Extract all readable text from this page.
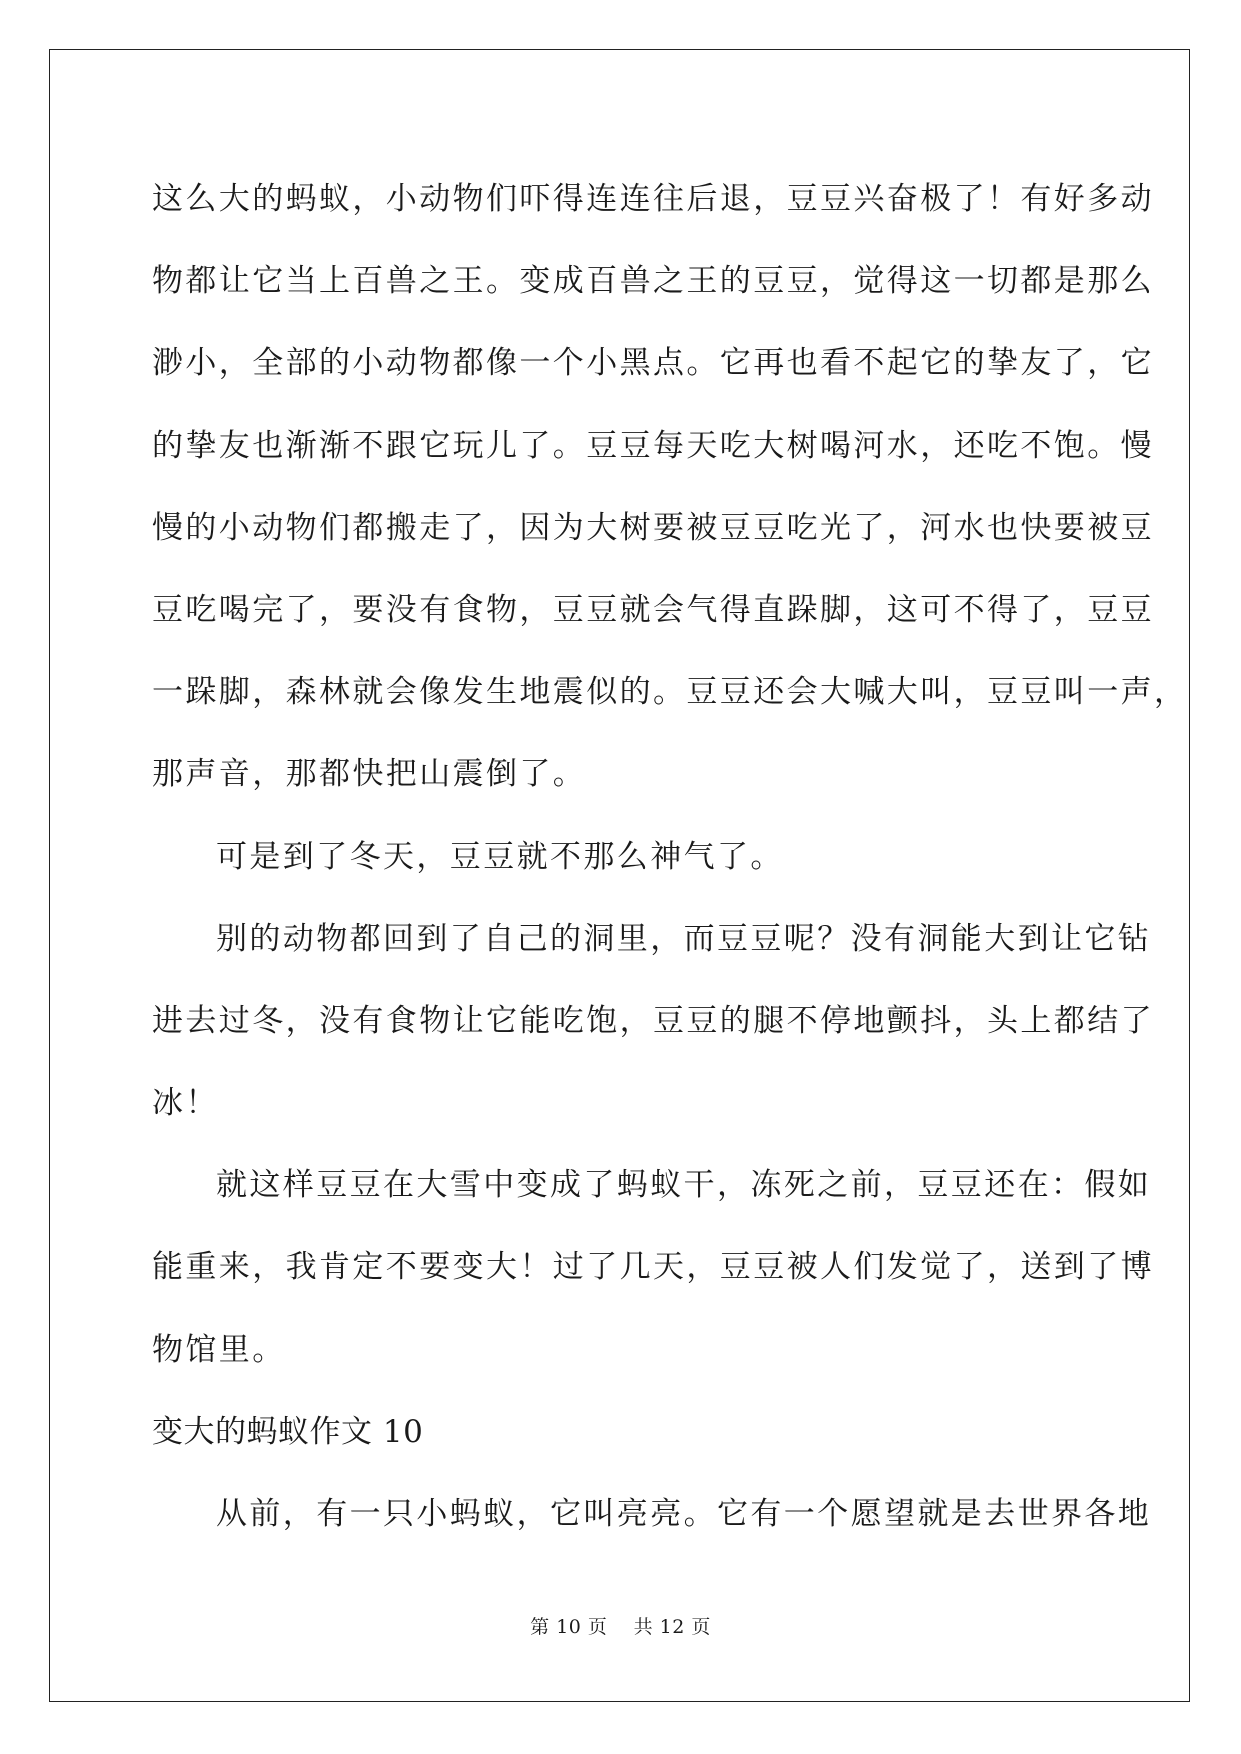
这么大的蚂蚁，小动物们吓得连连往后退，豆豆兴奋极了！有好多动
物都让它当上百兽之王。变成百兽之王的豆豆，觉得这一切都是那么
渺小，全部的小动物都像一个小黑点。它再也看不起它的挚友了，它
的挚友也渐渐不跟它玩儿了。豆豆每天吃大树喝河水，还吃不饱。慢
慢的小动物们都搬走了，因为大树要被豆豆吃光了，河水也快要被豆
豆吃喝完了，要没有食物，豆豆就会气得直跺脚，这可不得了，豆豆
一跺脚，森林就会像发生地震似的。豆豆还会大喊大叫，豆豆叫一声，
那声音，那都快把山震倒了。
可是到了冬天，豆豆就不那么神气了。
别的动物都回到了自己的洞里，而豆豆呢？没有洞能大到让它钻
进去过冬，没有食物让它能吃饱，豆豆的腿不停地颤抖，头上都结了
冰！
就这样豆豆在大雪中变成了蚂蚁干，冻死之前，豆豆还在：假如
能重来，我肯定不要变大！过了几天，豆豆被人们发觉了，送到了博
物馆里。
变大的蚂蚁作文 10
从前，有一只小蚂蚁，它叫亮亮。它有一个愿望就是去世界各地
第 10 页    共 12 页
